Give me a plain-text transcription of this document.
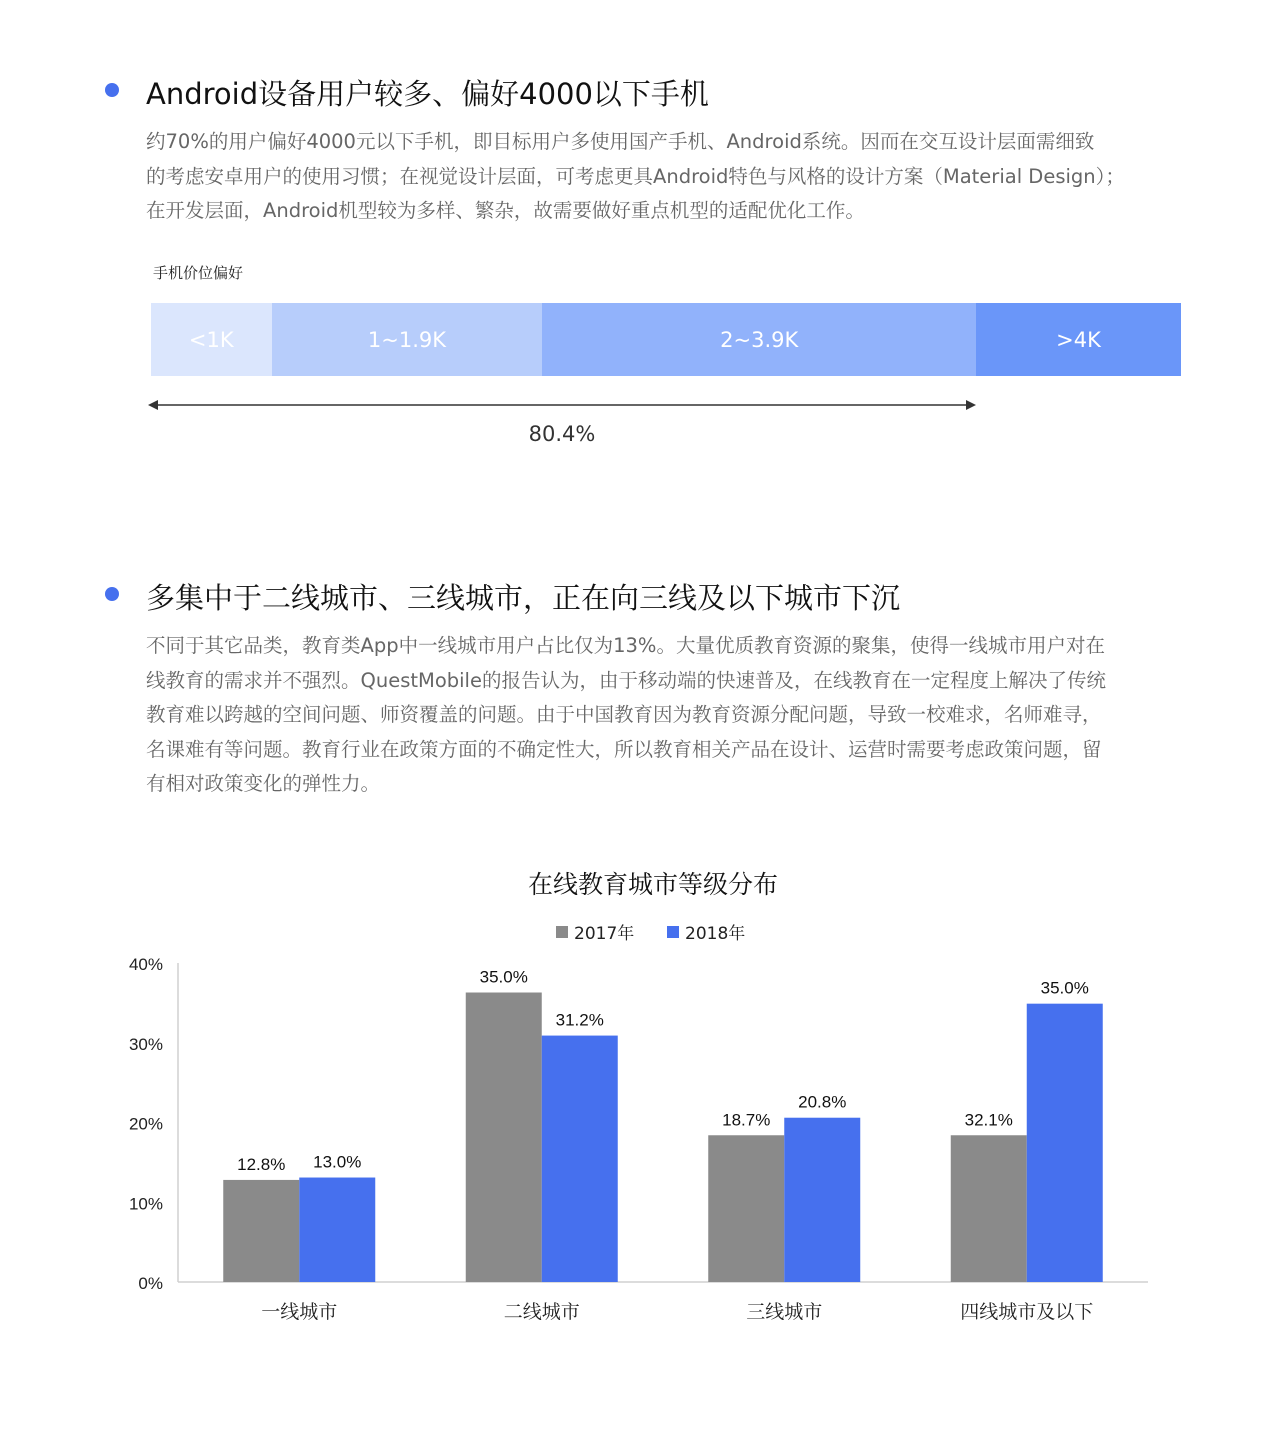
Android设备用户较多、偏好4000以下手机

约70%的用户偏好4000元以下手机，即目标用户多使用国产手机、Android系统。因而在交互设计层面需细致

的考虑安卓用户的使用习惯；在视觉设计层面，可考虑更具Android特色与风格的设计方案（Material Design）；

在开发层面，Android机型较为多样、繁杂，故需要做好重点机型的适配优化工作。

手机价位偏好
<1K	1~1.9K	2~3.9K	>4K
80.4%
多集中于二线城市、三线城市，正在向三线及以下城市下沉

不同于其它品类，教育类App中一线城市用户占比仅为13%。大量优质教育资源的聚集，使得一线城市用户对在

线教育的需求并不强烈。QuestMobile的报告认为，由于移动端的快速普及，在线教育在一定程度上解决了传统

教育难以跨越的空间问题、师资覆盖的问题。由于中国教育因为教育资源分配问题，导致一校难求，名师难寻，

名课难有等问题。教育行业在政策方面的不确定性大，所以教育相关产品在设计、运营时需要考虑政策问题，留

有相对政策变化的弹性力。

在线教育城市等级分布
2017年	2018年
0%
10%
20%
30%
40%
12.8% 13.0%
一线城市
35.0%
31.2%
二线城市
18.7%
20.8%
三线城市
32.1%
35.0%
四线城市及以下
